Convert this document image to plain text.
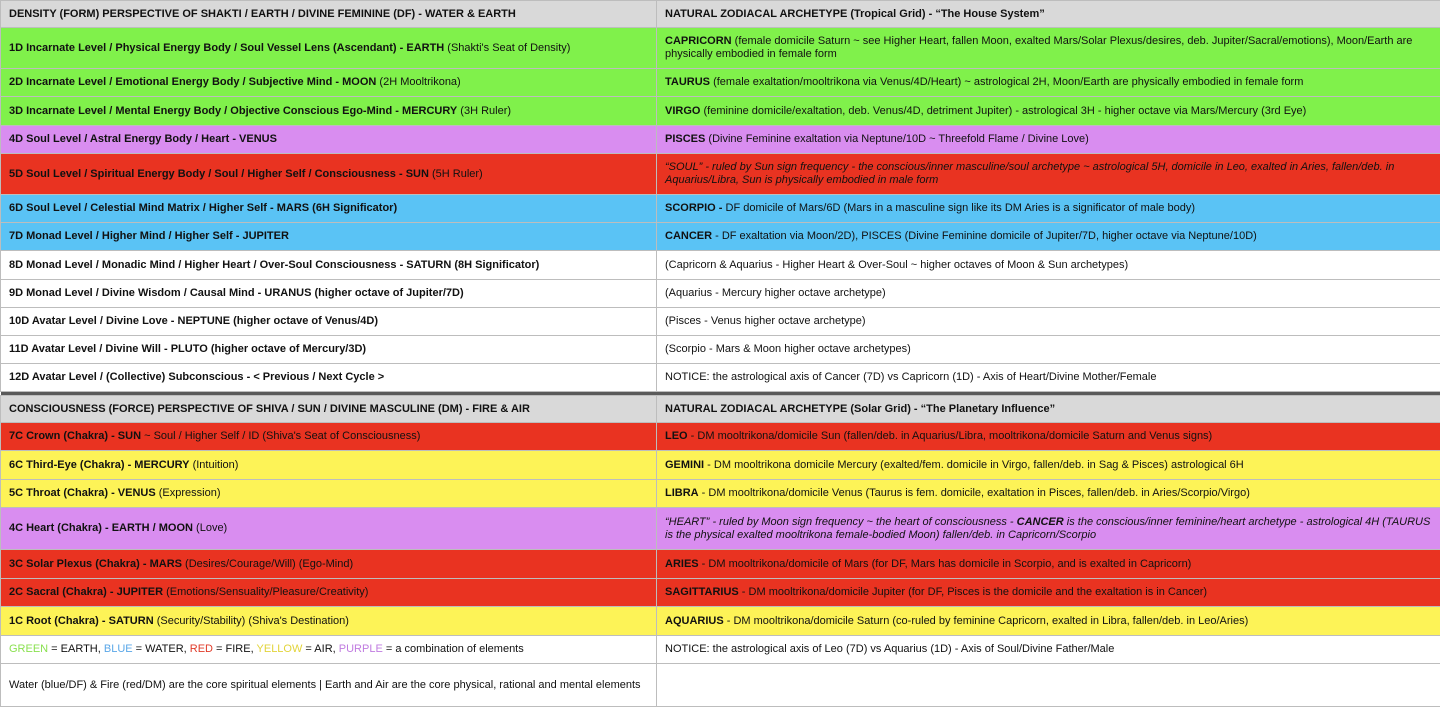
DENSITY (FORM) PERSPECTIVE OF SHAKTI / EARTH / DIVINE FEMININE (DF) - WATER & EARTH	NATURAL ZODIACAL ARCHETYPE (Tropical Grid) - “The House System”
1D Incarnate Level / Physical Energy Body / Soul Vessel Lens (Ascendant) - EARTH (Shakti's Seat of Density)	CAPRICORN (female domicile Saturn ~ see Higher Heart, fallen Moon, exalted Mars/Solar Plexus/desires, deb. Jupiter/Sacral/emotions), Moon/Earth are physically embodied in female form
2D Incarnate Level / Emotional Energy Body / Subjective Mind - MOON (2H Mooltrikona)	TAURUS (female exaltation/mooltrikona via Venus/4D/Heart) ~ astrological 2H, Moon/Earth are physically embodied in female form
3D Incarnate Level / Mental Energy Body / Objective Conscious Ego-Mind - MERCURY (3H Ruler)	VIRGO (feminine domicile/exaltation, deb. Venus/4D, detriment Jupiter) - astrological 3H - higher octave via Mars/Mercury (3rd Eye)
4D Soul Level / Astral Energy Body / Heart - VENUS	PISCES (Divine Feminine exaltation via Neptune/10D ~ Threefold Flame / Divine Love)
5D Soul Level / Spiritual Energy Body / Soul / Higher Self / Consciousness - SUN (5H Ruler)	“SOUL” - ruled by Sun sign frequency - the conscious/inner masculine/soul archetype ~ astrological 5H, domicile in Leo, exalted in Aries, fallen/deb. in Aquarius/Libra, Sun is physically embodied in male form
6D Soul Level / Celestial Mind Matrix / Higher Self - MARS (6H Significator)	SCORPIO - DF domicile of Mars/6D (Mars in a masculine sign like its DM Aries is a significator of male body)
7D Monad Level / Higher Mind / Higher Self - JUPITER	CANCER - DF exaltation via Moon/2D), PISCES (Divine Feminine domicile of Jupiter/7D, higher octave via Neptune/10D)
8D Monad Level / Monadic Mind / Higher Heart / Over-Soul Consciousness - SATURN (8H Significator)	(Capricorn & Aquarius - Higher Heart & Over-Soul ~ higher octaves of Moon & Sun archetypes)
9D Monad Level / Divine Wisdom / Causal Mind - URANUS (higher octave of Jupiter/7D)	(Aquarius - Mercury higher octave archetype)
10D Avatar Level / Divine Love - NEPTUNE (higher octave of Venus/4D)	(Pisces - Venus higher octave archetype)
11D Avatar Level / Divine Will - PLUTO (higher octave of Mercury/3D)	(Scorpio - Mars & Moon higher octave archetypes)
12D Avatar Level / (Collective) Subconscious - < Previous / Next Cycle >	NOTICE: the astrological axis of Cancer (7D) vs Capricorn (1D) - Axis of Heart/Divine Mother/Female

CONSCIOUSNESS (FORCE) PERSPECTIVE OF SHIVA / SUN / DIVINE MASCULINE (DM) - FIRE & AIR	NATURAL ZODIACAL ARCHETYPE (Solar Grid) - “The Planetary Influence”
7C Crown (Chakra) - SUN ~ Soul / Higher Self / ID (Shiva's Seat of Consciousness)	LEO - DM mooltrikona/domicile Sun (fallen/deb. in Aquarius/Libra, mooltrikona/domicile Saturn and Venus signs)
6C Third-Eye (Chakra) - MERCURY (Intuition)	GEMINI - DM mooltrikona domicile Mercury (exalted/fem. domicile in Virgo, fallen/deb. in Sag & Pisces) astrological 6H
5C Throat (Chakra) - VENUS (Expression)	LIBRA - DM mooltrikona/domicile Venus (Taurus is fem. domicile, exaltation in Pisces, fallen/deb. in Aries/Scorpio/Virgo)
4C Heart (Chakra) - EARTH / MOON (Love)	“HEART” - ruled by Moon sign frequency ~ the heart of consciousness - CANCER is the conscious/inner feminine/heart archetype - astrological 4H (TAURUS is the physical exalted mooltrikona female-bodied Moon) fallen/deb. in Capricorn/Scorpio
3C Solar Plexus (Chakra) - MARS (Desires/Courage/Will) (Ego-Mind)	ARIES - DM mooltrikona/domicile of Mars (for DF, Mars has domicile in Scorpio, and is exalted in Capricorn)
2C Sacral (Chakra) - JUPITER (Emotions/Sensuality/Pleasure/Creativity)	SAGITTARIUS - DM mooltrikona/domicile Jupiter (for DF, Pisces is the domicile and the exaltation is in Cancer)
1C Root (Chakra) - SATURN (Security/Stability) (Shiva's Destination)	AQUARIUS - DM mooltrikona/domicile Saturn (co-ruled by feminine Capricorn, exalted in Libra, fallen/deb. in Leo/Aries)
GREEN = EARTH, BLUE = WATER, RED = FIRE, YELLOW = AIR, PURPLE = a combination of elements	NOTICE: the astrological axis of Leo (7D) vs Aquarius (1D) - Axis of Soul/Divine Father/Male
Water (blue/DF) & Fire (red/DM) are the core spiritual elements | Earth and Air are the core physical, rational and mental elements	
